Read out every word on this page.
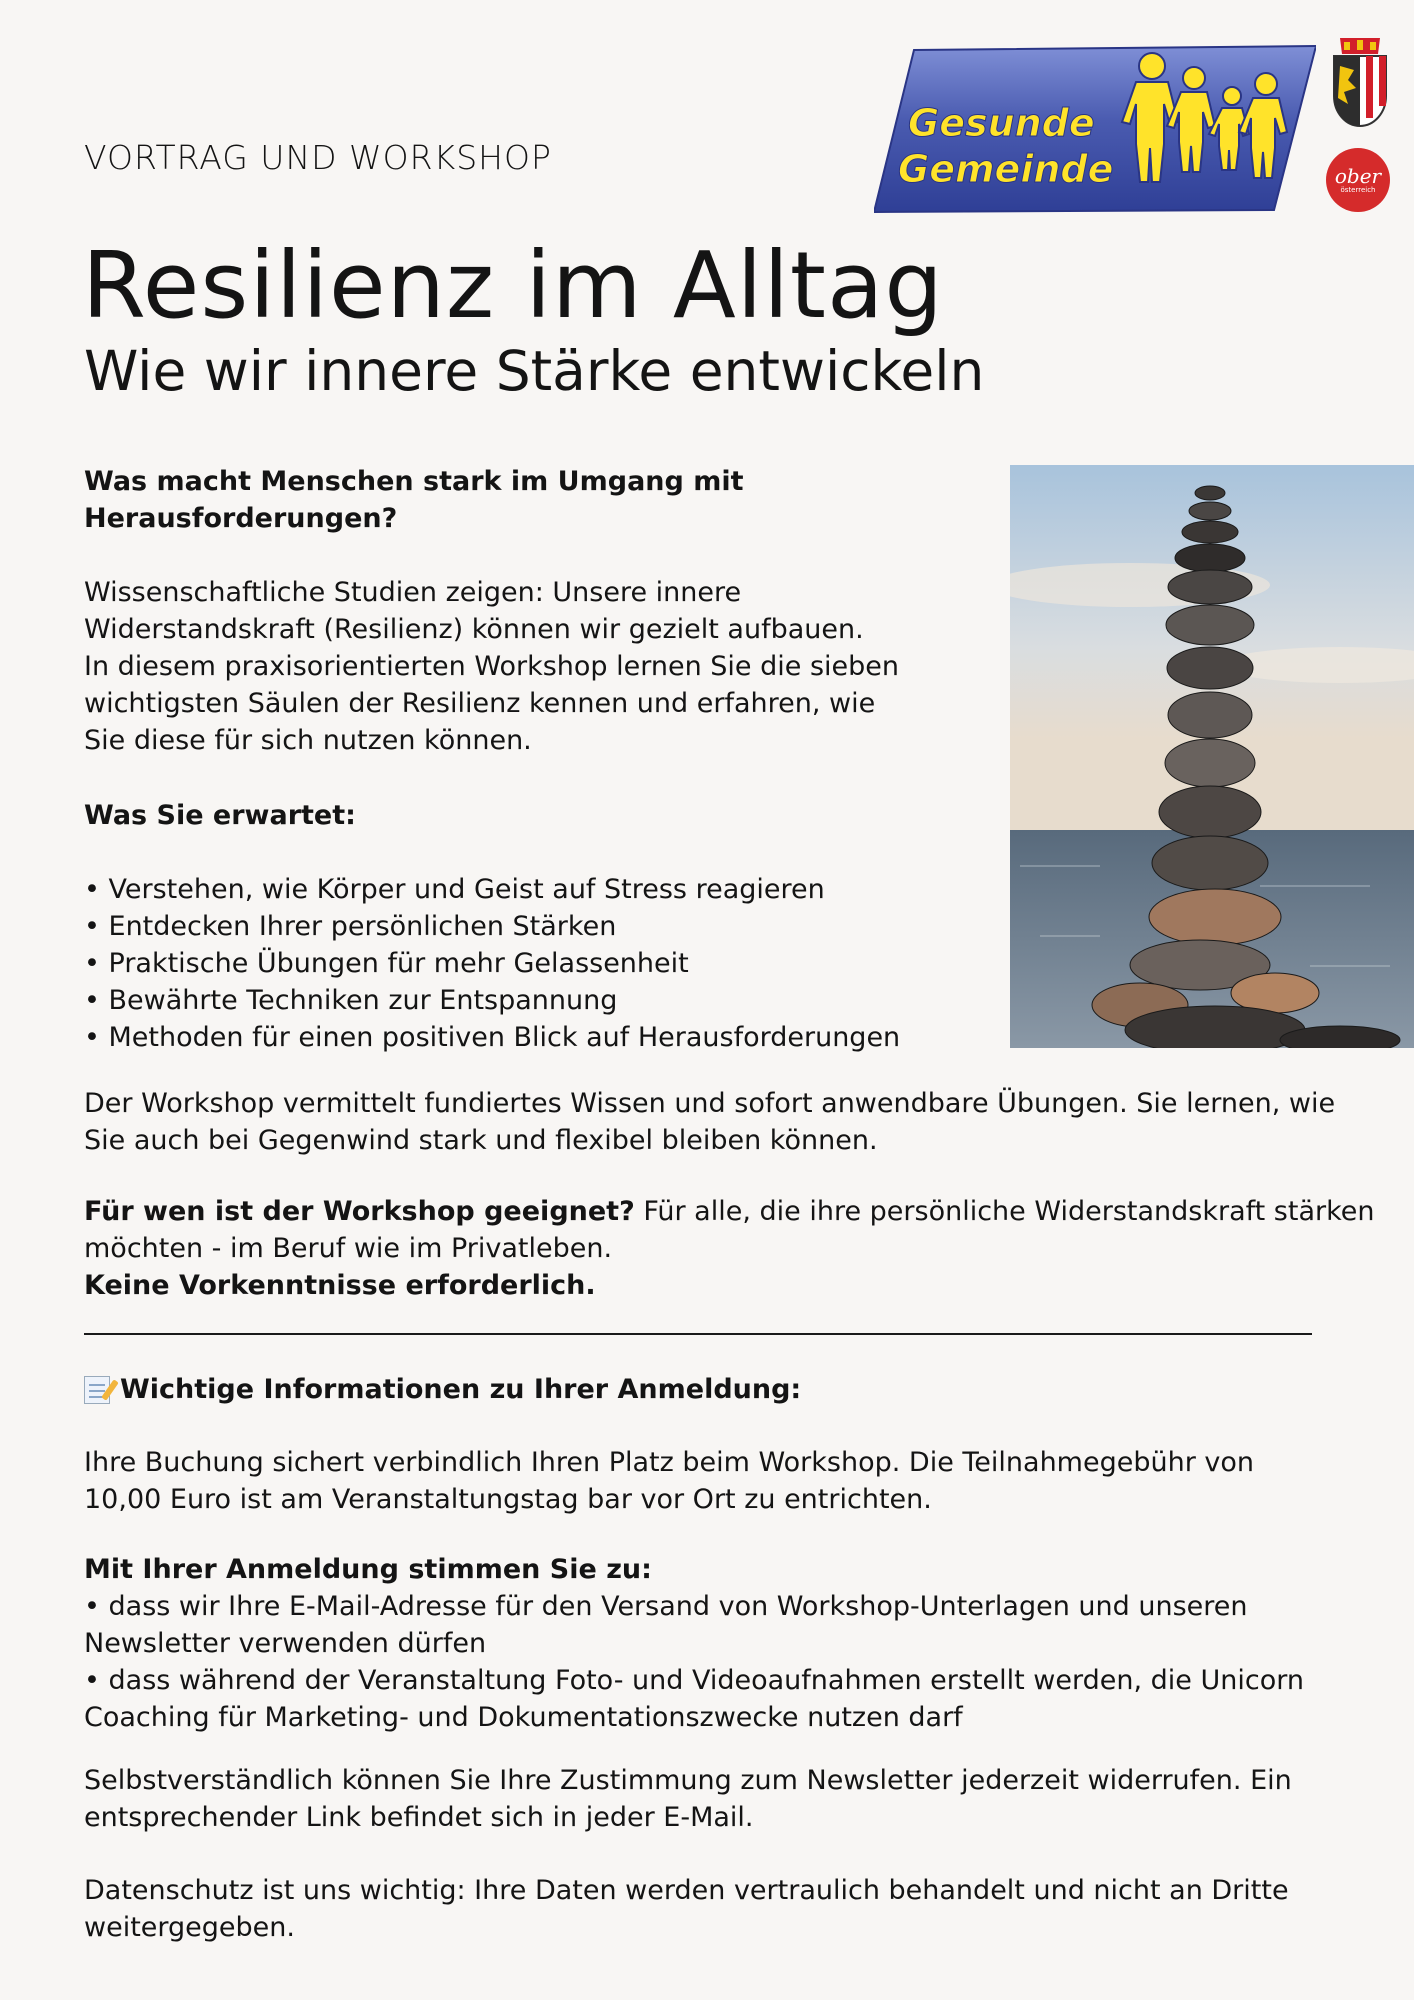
VORTRAG UND WORKSHOP
Resilienz im Alltag
Wie wir innere Stärke entwickeln
Gesunde
Gemeinde	ober
österreich
Was macht Menschen stark im Umgang mit
Herausforderungen?
Wissenschaftliche Studien zeigen: Unsere innere
Widerstandskraft (Resilienz) können wir gezielt aufbauen.
In diesem praxisorientierten Workshop lernen Sie die sieben
wichtigsten Säulen der Resilienz kennen und erfahren, wie
Sie diese für sich nutzen können.
Was Sie erwartet:
• Verstehen, wie Körper und Geist auf Stress reagieren
• Entdecken Ihrer persönlichen Stärken
• Praktische Übungen für mehr Gelassenheit
• Bewährte Techniken zur Entspannung
• Methoden für einen positiven Blick auf Herausforderungen
Der Workshop vermittelt fundiertes Wissen und sofort anwendbare Übungen. Sie lernen, wie
Sie auch bei Gegenwind stark und flexibel bleiben können.
Für wen ist der Workshop geeignet? Für alle, die ihre persönliche Widerstandskraft stärken
möchten - im Beruf wie im Privatleben.
Keine Vorkenntnisse erforderlich.
Wichtige Informationen zu Ihrer Anmeldung:
Ihre Buchung sichert verbindlich Ihren Platz beim Workshop. Die Teilnahmegebühr von
10,00 Euro ist am Veranstaltungstag bar vor Ort zu entrichten.
Mit Ihrer Anmeldung stimmen Sie zu:
• dass wir Ihre E-Mail-Adresse für den Versand von Workshop-Unterlagen und unseren
Newsletter verwenden dürfen
• dass während der Veranstaltung Foto- und Videoaufnahmen erstellt werden, die Unicorn
Coaching für Marketing- und Dokumentationszwecke nutzen darf
Selbstverständlich können Sie Ihre Zustimmung zum Newsletter jederzeit widerrufen. Ein
entsprechender Link befindet sich in jeder E-Mail.
Datenschutz ist uns wichtig: Ihre Daten werden vertraulich behandelt und nicht an Dritte
weitergegeben.
